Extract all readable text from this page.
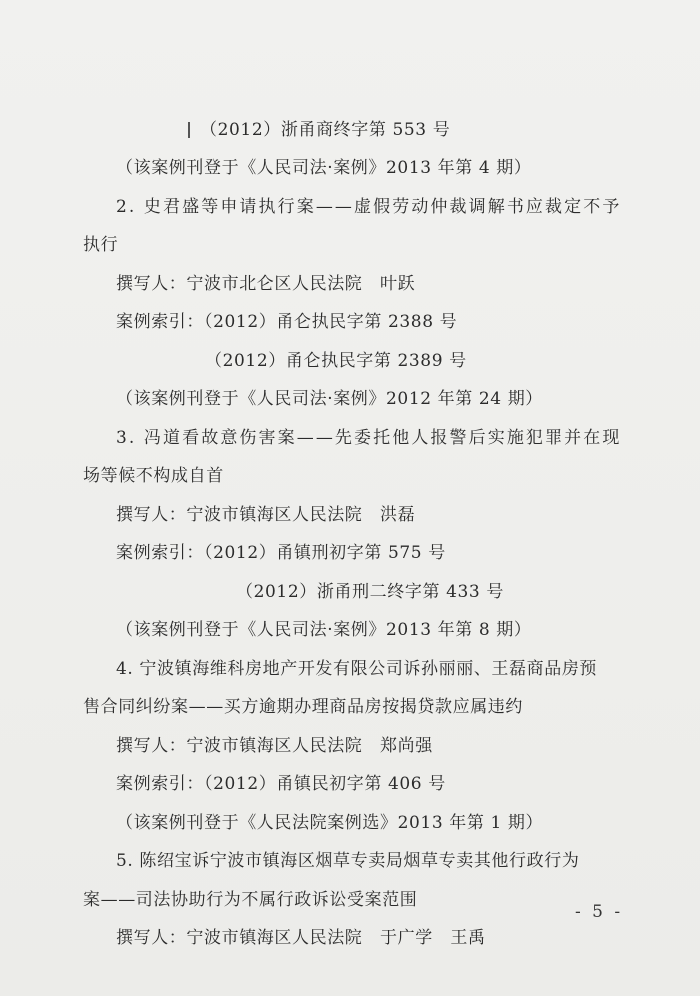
（2012）浙甬商终字第 553 号
（该案例刊登于《人民司法·案例》2013 年第 4 期）
2. 史君盛等申请执行案——虚假劳动仲裁调解书应裁定不予
执行
撰写人：宁波市北仑区人民法院　叶跃
案例索引：（2012）甬仑执民字第 2388 号
（2012）甬仑执民字第 2389 号
（该案例刊登于《人民司法·案例》2012 年第 24 期）
3. 冯道看故意伤害案——先委托他人报警后实施犯罪并在现
场等候不构成自首
撰写人：宁波市镇海区人民法院　洪磊
案例索引：（2012）甬镇刑初字第 575 号
（2012）浙甬刑二终字第 433 号
（该案例刊登于《人民司法·案例》2013 年第 8 期）
4. 宁波镇海维科房地产开发有限公司诉孙丽丽、王磊商品房预
售合同纠纷案——买方逾期办理商品房按揭贷款应属违约
撰写人：宁波市镇海区人民法院　郑尚强
案例索引：（2012）甬镇民初字第 406 号
（该案例刊登于《人民法院案例选》2013 年第 1 期）
5. 陈绍宝诉宁波市镇海区烟草专卖局烟草专卖其他行政行为
案——司法协助行为不属行政诉讼受案范围
撰写人：宁波市镇海区人民法院　于广学　王禹
- 5 -
